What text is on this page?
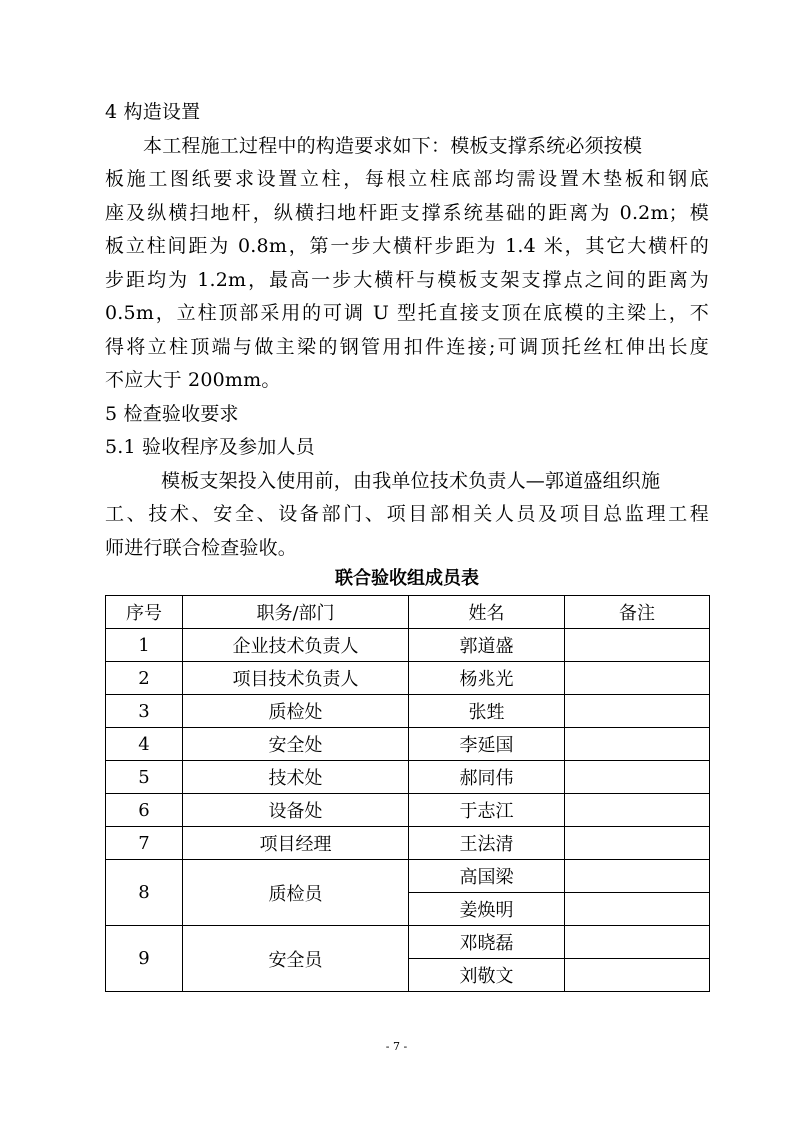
4 构造设置
本工程施工过程中的构造要求如下：模板支撑系统必须按模
板施工图纸要求设置立柱，每根立柱底部均需设置木垫板和钢底
座及纵横扫地杆，纵横扫地杆距支撑系统基础的距离为 0.2m；模
板立柱间距为 0.8m，第一步大横杆步距为 1.4 米，其它大横杆的
步距均为 1.2m，最高一步大横杆与模板支架支撑点之间的距离为
0.5m，立柱顶部采用的可调 U 型托直接支顶在底模的主梁上，不
得将立柱顶端与做主梁的钢管用扣件连接;可调顶托丝杠伸出长度
不应大于 200mm。
5 检查验收要求
5.1 验收程序及参加人员
模板支架投入使用前，由我单位技术负责人—郭道盛组织施
工、技术、安全、设备部门、项目部相关人员及项目总监理工程
师进行联合检查验收。
联合验收组成员表
序号	职务/部门	姓名	备注
1	企业技术负责人	郭道盛	
2	项目技术负责人	杨兆光	
3	质检处	张甡	
4	安全处	李延国	
5	技术处	郝同伟	
6	设备处	于志江	
7	项目经理	王法清	
8	质检员	高国梁	
		姜焕明	
9	安全员	邓晓磊	
		刘敬文	
- 7 -
